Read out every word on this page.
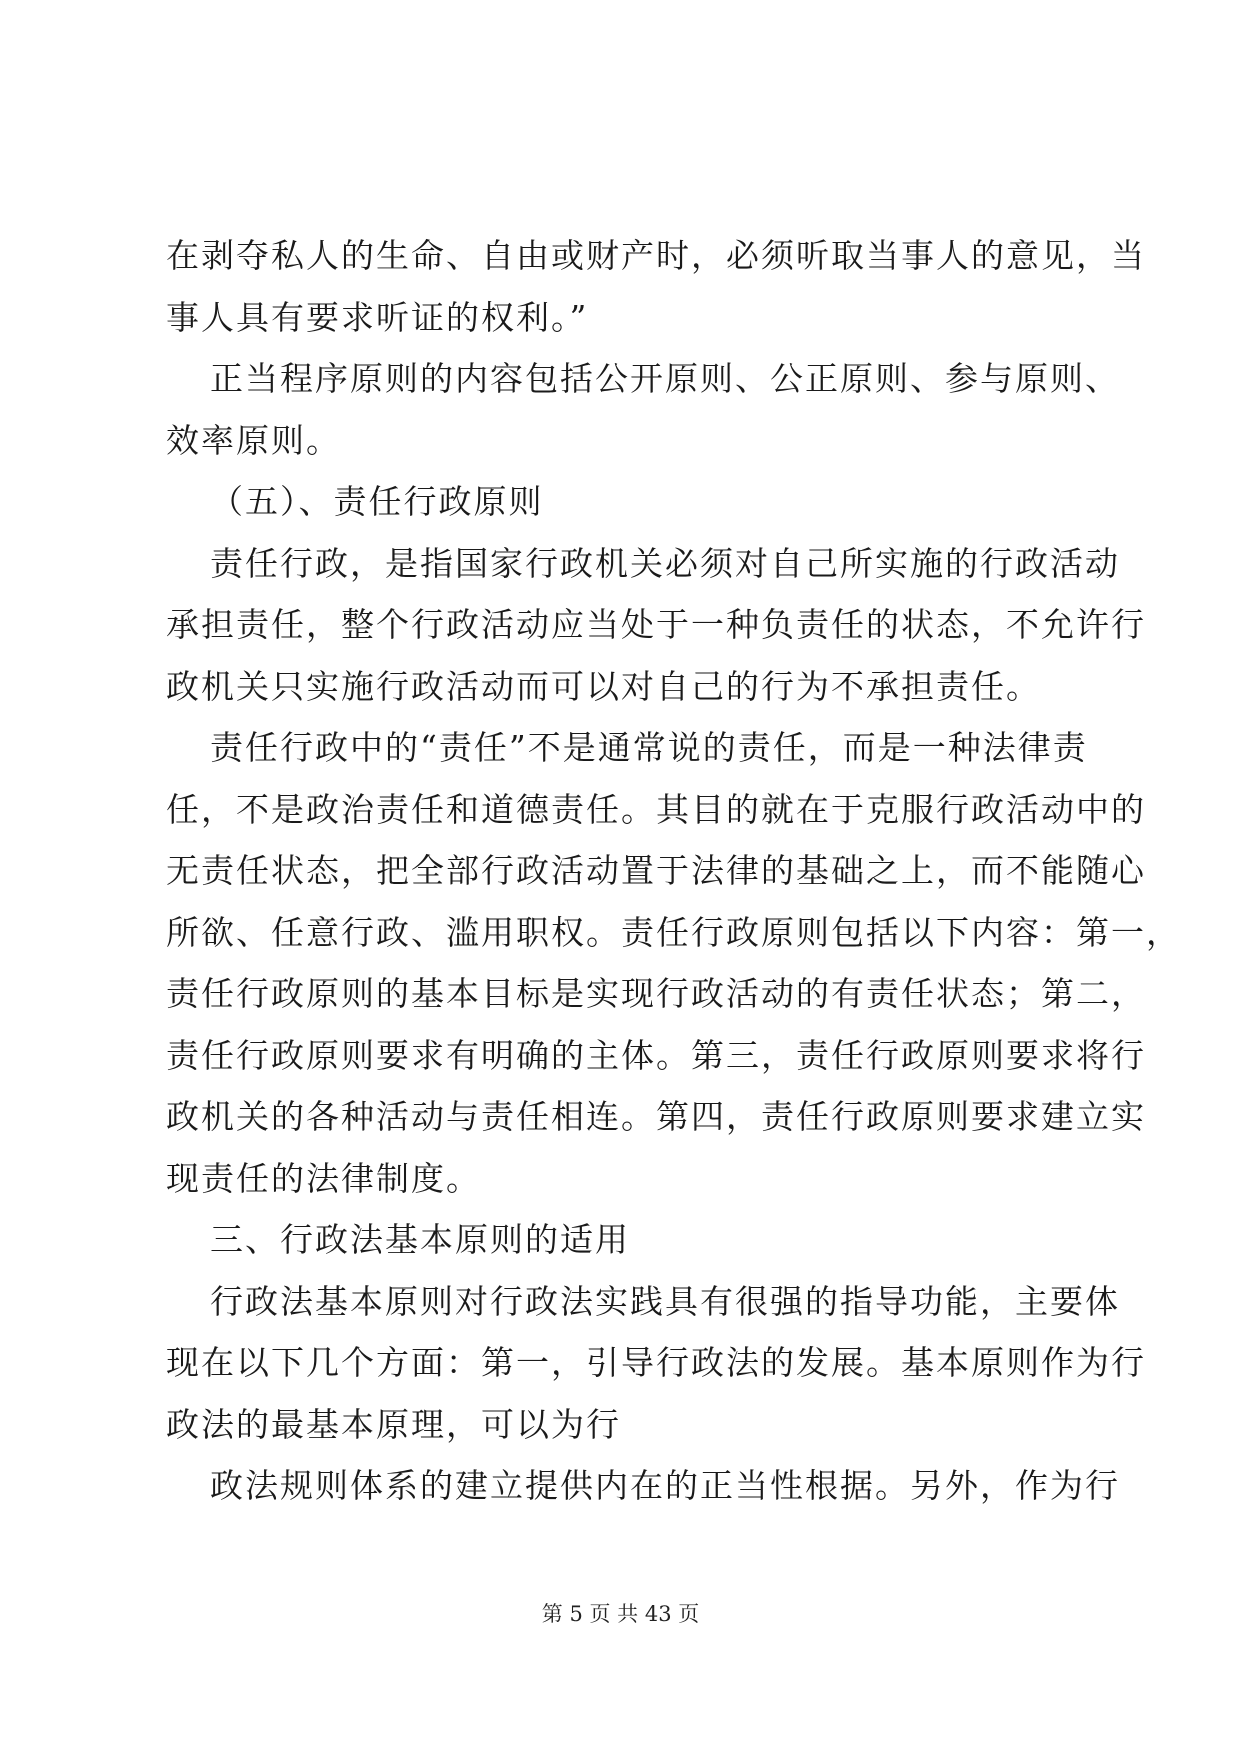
在剥夺私人的生命、自由或财产时，必须听取当事人的意见，当
事人具有要求听证的权利。”
正当程序原则的内容包括公开原则、公正原则、参与原则、
效率原则。
（五）、责任行政原则
责任行政，是指国家行政机关必须对自己所实施的行政活动
承担责任，整个行政活动应当处于一种负责任的状态，不允许行
政机关只实施行政活动而可以对自己的行为不承担责任。
责任行政中的“责任”不是通常说的责任，而是一种法律责
任，不是政治责任和道德责任。其目的就在于克服行政活动中的
无责任状态，把全部行政活动置于法律的基础之上，而不能随心
所欲、任意行政、滥用职权。责任行政原则包括以下内容：第一，
责任行政原则的基本目标是实现行政活动的有责任状态；第二，
责任行政原则要求有明确的主体。第三，责任行政原则要求将行
政机关的各种活动与责任相连。第四，责任行政原则要求建立实
现责任的法律制度。
三、行政法基本原则的适用
行政法基本原则对行政法实践具有很强的指导功能，主要体
现在以下几个方面：第一，引导行政法的发展。基本原则作为行
政法的最基本原理，可以为行
政法规则体系的建立提供内在的正当性根据。另外，作为行
第 5 页 共 43 页
